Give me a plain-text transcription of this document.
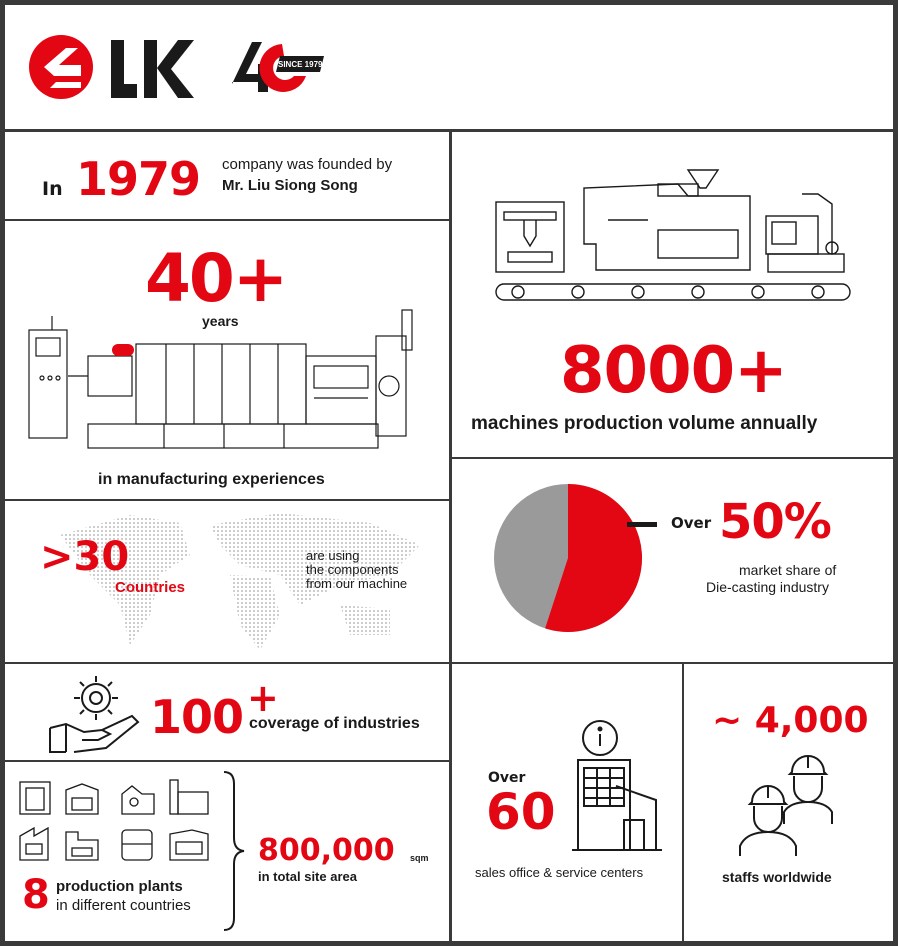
SINCE 1979
In 1979 company was founded by
Mr. Liu Siong Song
40+
years
in manufacturing experiences
8000+
machines production volume annually
>30
Countries
are using
the components
from our machine
Over 50%
market share of
Die-casting industry
100 +
coverage of industries
8 production plants
in different countries
800,000 sqm
in total site area
Over
60
sales office & service centers
~ 4,000
staffs worldwide
